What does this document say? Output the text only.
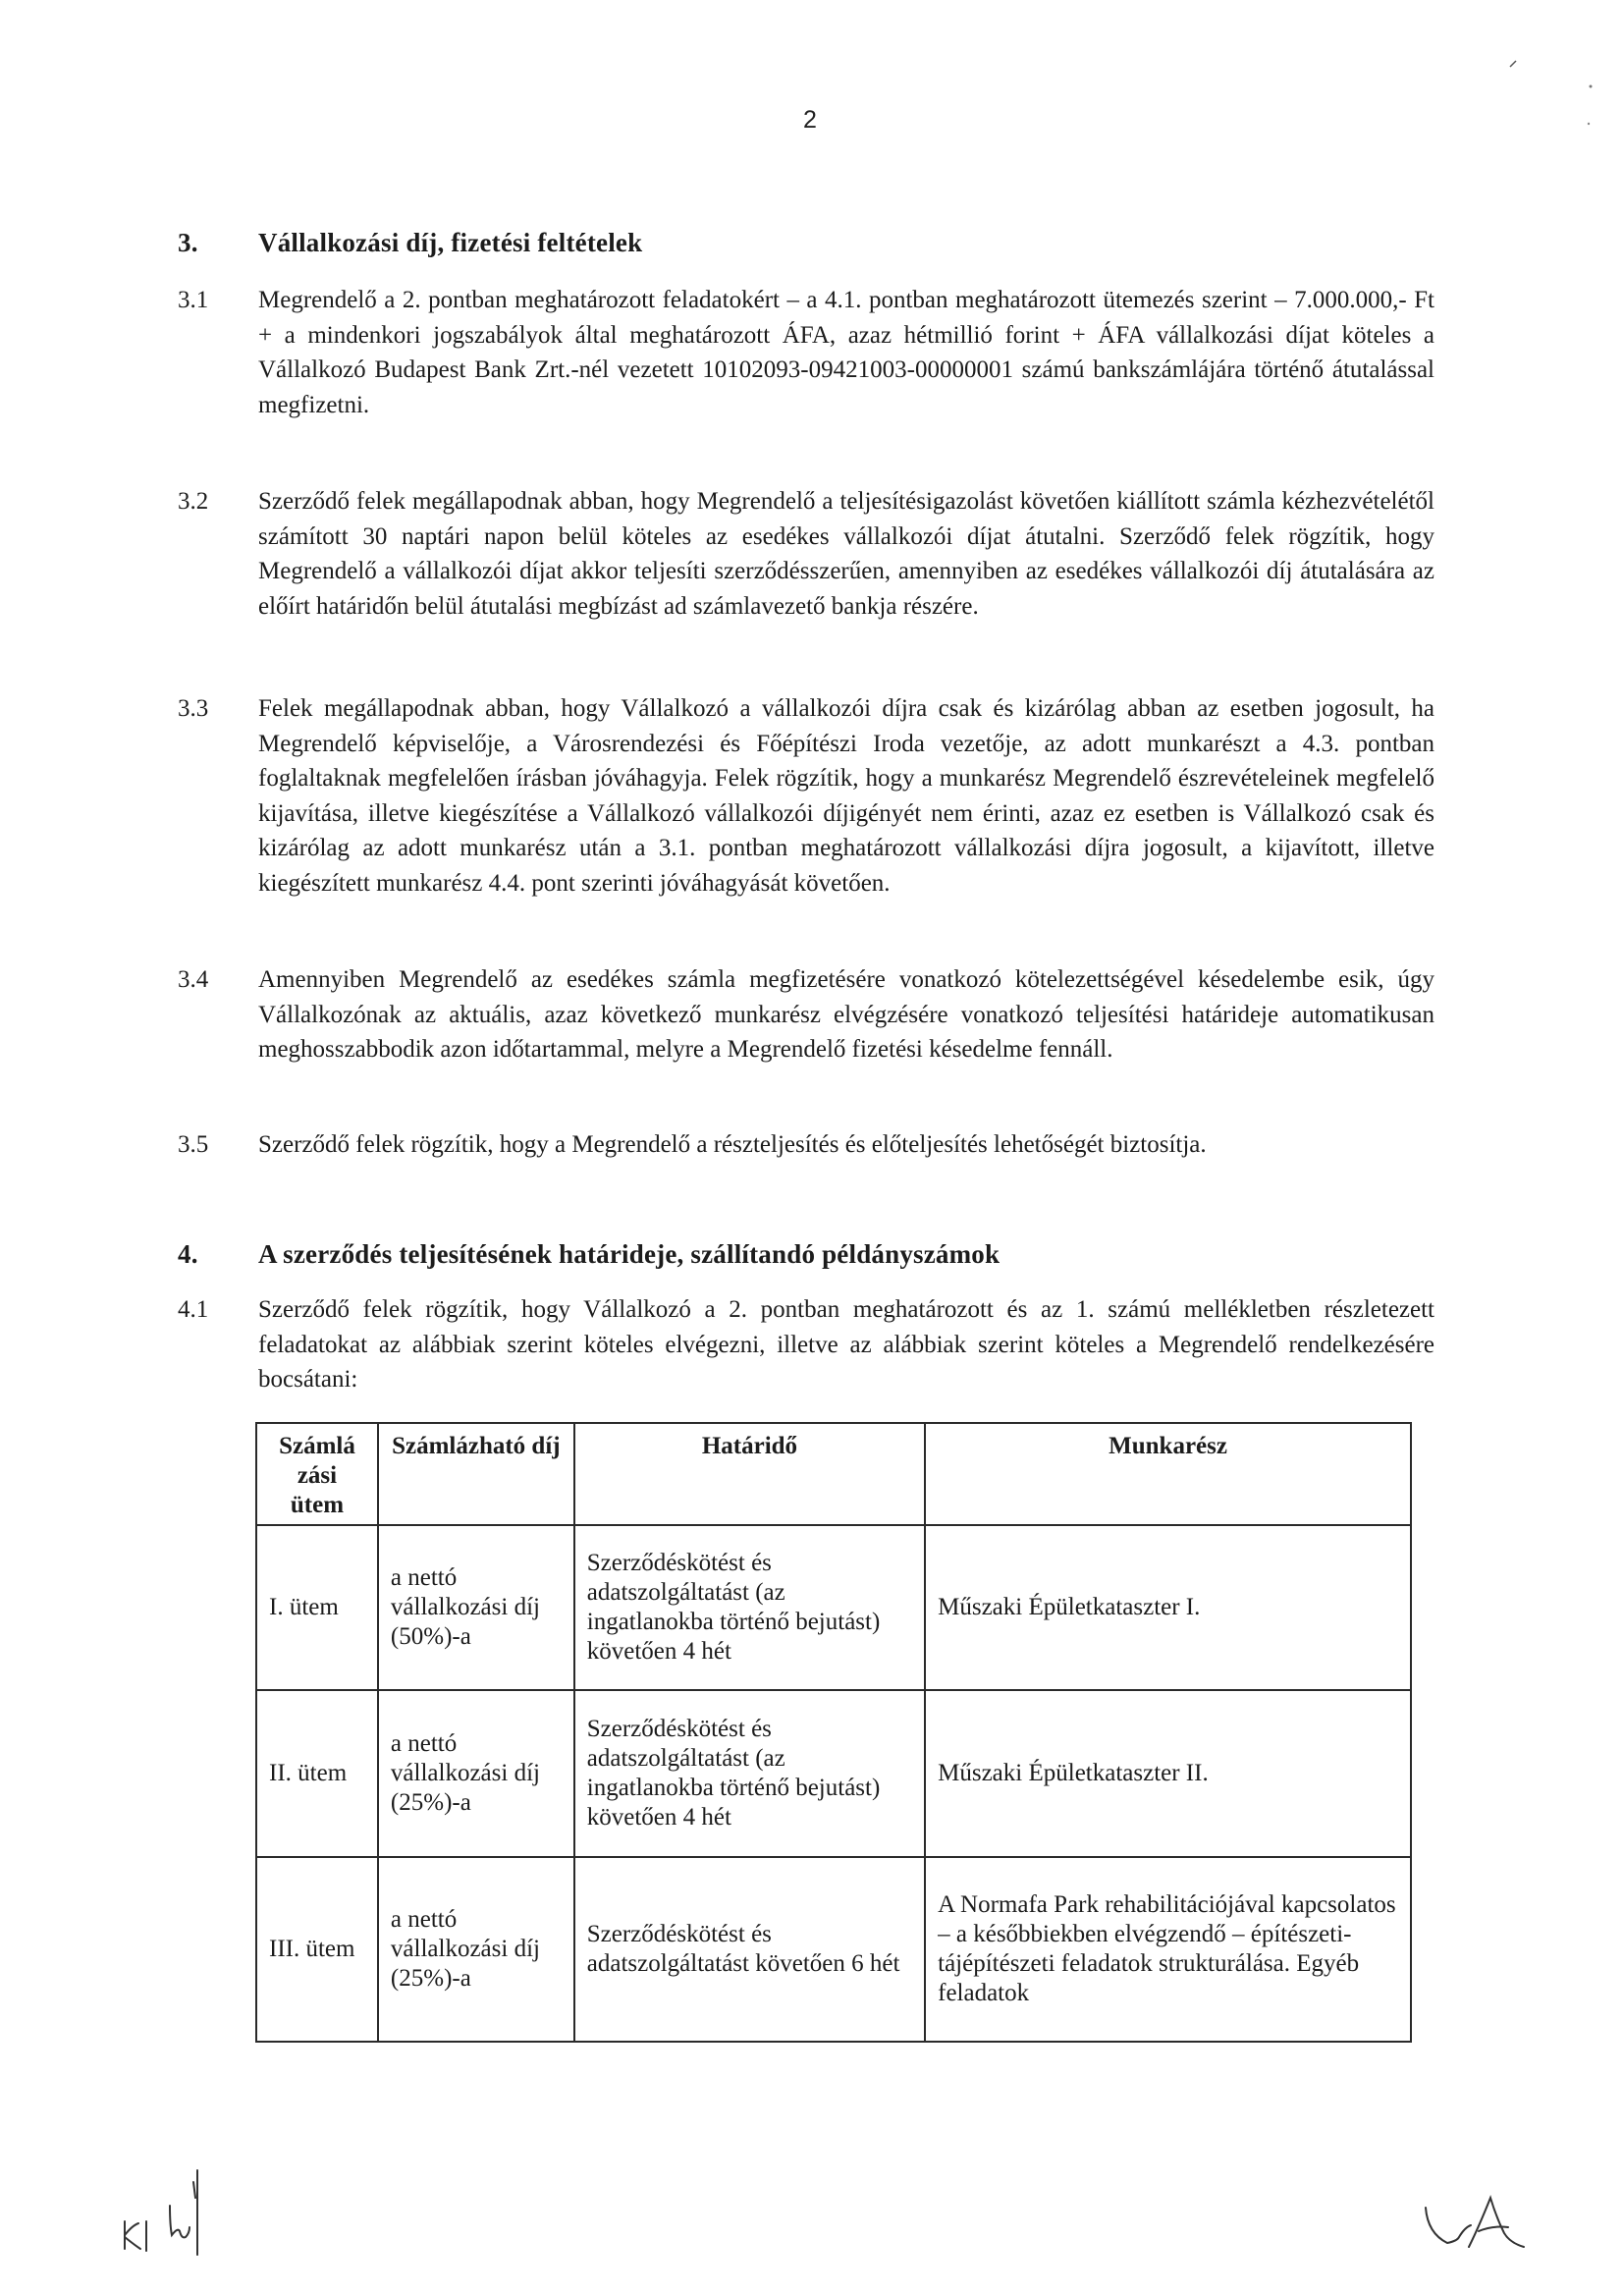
2
3. Vállalkozási díj, fizetési feltételek
3.1	Megrendelő a 2. pontban meghatározott feladatokért – a 4.1. pontban meghatározott ütemezés szerint – 7.000.000,- Ft + a mindenkori jogszabályok által meghatározott ÁFA, azaz hétmillió forint + ÁFA vállalkozási díjat köteles a Vállalkozó Budapest Bank Zrt.-nél vezetett 10102093-09421003-00000001 számú bankszámlájára történő átutalással megfizetni.
3.2	Szerződő felek megállapodnak abban, hogy Megrendelő a teljesítésigazolást követően kiállított számla kézhezvételétől számított 30 naptári napon belül köteles az esedékes vállalkozói díjat átutalni. Szerződő felek rögzítik, hogy Megrendelő a vállalkozói díjat akkor teljesíti szerződésszerűen, amennyiben az esedékes vállalkozói díj átutalására az előírt határidőn belül átutalási megbízást ad számlavezető bankja részére.
3.3	Felek megállapodnak abban, hogy Vállalkozó a vállalkozói díjra csak és kizárólag abban az esetben jogosult, ha Megrendelő képviselője, a Városrendezési és Főépítészi Iroda vezetője, az adott munkarészt a 4.3. pontban foglaltaknak megfelelően írásban jóváhagyja. Felek rögzítik, hogy a munkarész Megrendelő észrevételeinek megfelelő kijavítása, illetve kiegészítése a Vállalkozó vállalkozói díjigényét nem érinti, azaz ez esetben is Vállalkozó csak és kizárólag az adott munkarész után a 3.1. pontban meghatározott vállalkozási díjra jogosult, a kijavított, illetve kiegészített munkarész 4.4. pont szerinti jóváhagyását követően.
3.4	Amennyiben Megrendelő az esedékes számla megfizetésére vonatkozó kötelezettségével késedelembe esik, úgy Vállalkozónak az aktuális, azaz következő munkarész elvégzésére vonatkozó teljesítési határideje automatikusan meghosszabbodik azon időtartammal, melyre a Megrendelő fizetési késedelme fennáll.
3.5	Szerződő felek rögzítik, hogy a Megrendelő a részteljesítés és előteljesítés lehetőségét biztosítja.
4. A szerződés teljesítésének határideje, szállítandó példányszámok
4.1	Szerződő felek rögzítik, hogy Vállalkozó a 2. pontban meghatározott és az 1. számú mellékletben részletezett feladatokat az alábbiak szerint köteles elvégezni, illetve az alábbiak szerint köteles a Megrendelő rendelkezésére bocsátani:
Számlá zási ütem	Számlázható díj	Határidő	Munkarész
I. ütem	a nettó vállalkozási díj (50%)-a	Szerződéskötést és adatszolgáltatást (az ingatlanokba történő bejutást) követően 4 hét	Műszaki Épületkataszter I.
II. ütem	a nettó vállalkozási díj (25%)-a	Szerződéskötést és adatszolgáltatást (az ingatlanokba történő bejutást) követően 4 hét	Műszaki Épületkataszter II.
III. ütem	a nettó vállalkozási díj (25%)-a	Szerződéskötést és adatszolgáltatást követően 6 hét	A Normafa Park rehabilitációjával kapcsolatos – a későbbiekben elvégzendő – építészeti-tájépítészeti feladatok strukturálása. Egyéb feladatok
